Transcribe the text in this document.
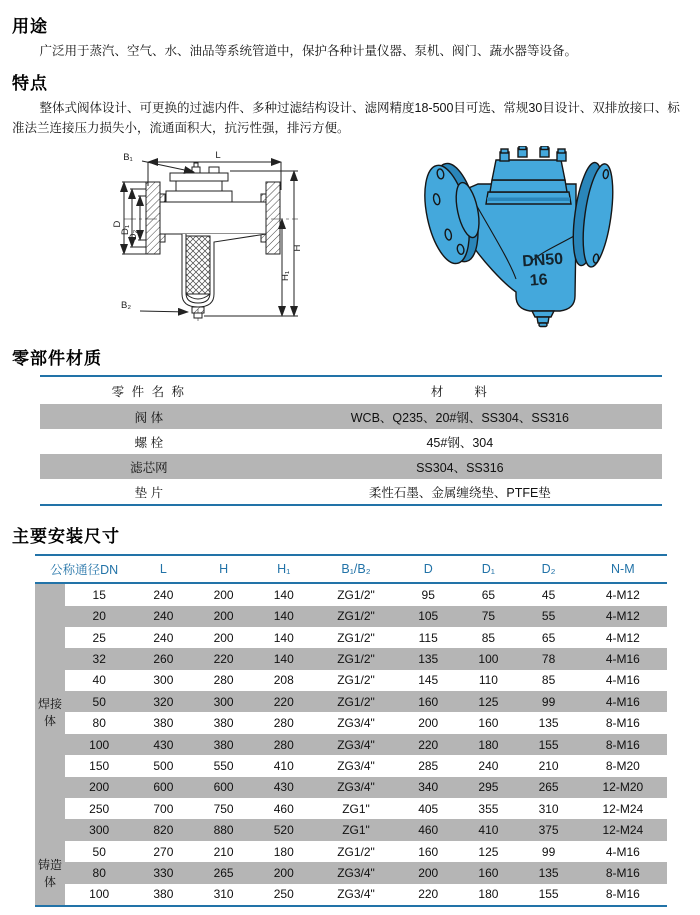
用途

广泛用于蒸汽、空气、水、油品等系统管道中，保护各种计量仪器、泵机、阀门、蔬水器等设备。

特点

整体式阀体设计、可更换的过滤内件、多种过滤结构设计、滤网精度18-500目可选、常规30目设计、双排放接口、标准法兰连接压力损失小，流通面积大，抗污性强，排污方便。

L
B₁
B₂
D
D₁
D₂
H
H₁
DN50
16
零部件材质
零 件 名 称	材　　料
阀 体	WCB、Q235、20#钢、SS304、SS316
螺 栓	45#钢、304
滤芯网	SS304、SS316
垫 片	柔性石墨、金属缠绕垫、PTFE垫
主要安装尺寸
公称通径DN		L	H	H₁	B₁/B₂	D	D₁	D₂	N-M
焊接体	15	240	200	140	ZG1/2"	95	65	45	4-M12
	20	240	200	140	ZG1/2"	105	75	55	4-M12
	25	240	200	140	ZG1/2"	115	85	65	4-M12
	32	260	220	140	ZG1/2"	135	100	78	4-M16
	40	300	280	208	ZG1/2"	145	110	85	4-M16
	50	320	300	220	ZG1/2"	160	125	99	4-M16
	80	380	380	280	ZG3/4"	200	160	135	8-M16
	100	430	380	280	ZG3/4"	220	180	155	8-M16
	150	500	550	410	ZG3/4"	285	240	210	8-M20
	200	600	600	430	ZG3/4"	340	295	265	12-M20
	250	700	750	460	ZG1"	405	355	310	12-M24
	300	820	880	520	ZG1"	460	410	375	12-M24
铸造体	50	270	210	180	ZG1/2"	160	125	99	4-M16
	80	330	265	200	ZG3/4"	200	160	135	8-M16
	100	380	310	250	ZG3/4"	220	180	155	8-M16
